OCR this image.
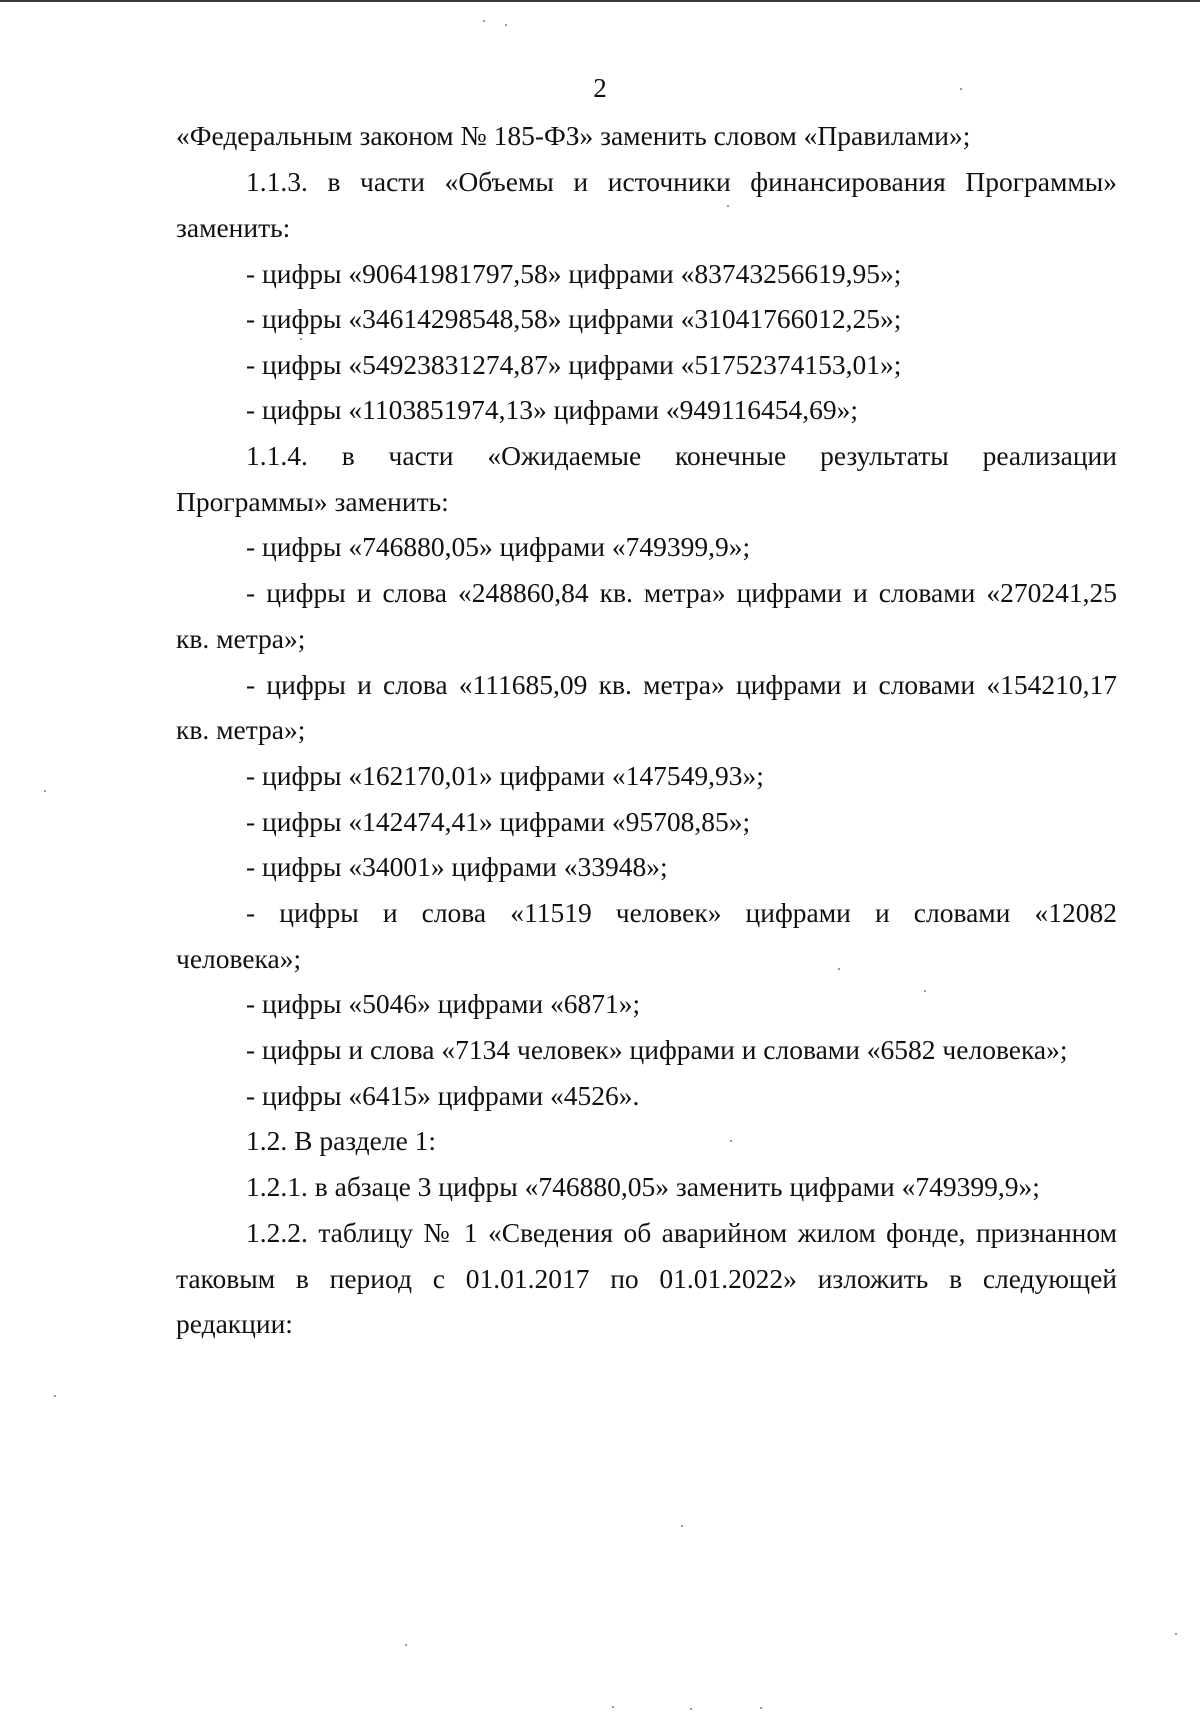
2
«Федеральным законом № 185-ФЗ» заменить словом «Правилами»;
1.1.3. в части «Объемы и источники финансирования Программы»
заменить:
- цифры «90641981797,58» цифрами «83743256619,95»;
- цифры «34614298548,58» цифрами «31041766012,25»;
- цифры «54923831274,87» цифрами «51752374153,01»;
- цифры «1103851974,13» цифрами «949116454,69»;
1.1.4. в части «Ожидаемые конечные результаты реализации
Программы» заменить:
- цифры «746880,05» цифрами «749399,9»;
- цифры и слова «248860,84 кв. метра» цифрами и словами «270241,25
кв. метра»;
- цифры и слова «111685,09 кв. метра» цифрами и словами «154210,17
кв. метра»;
- цифры «162170,01» цифрами «147549,93»;
- цифры «142474,41» цифрами «95708,85»;
- цифры «34001» цифрами «33948»;
- цифры и слова «11519 человек» цифрами и словами «12082
человека»;
- цифры «5046» цифрами «6871»;
- цифры и слова «7134 человек» цифрами и словами «6582 человека»;
- цифры «6415» цифрами «4526».
1.2. В разделе 1:
1.2.1. в абзаце 3 цифры «746880,05» заменить цифрами «749399,9»;
1.2.2. таблицу № 1 «Сведения об аварийном жилом фонде, признанном
таковым в период с 01.01.2017 по 01.01.2022» изложить в следующей
редакции:
